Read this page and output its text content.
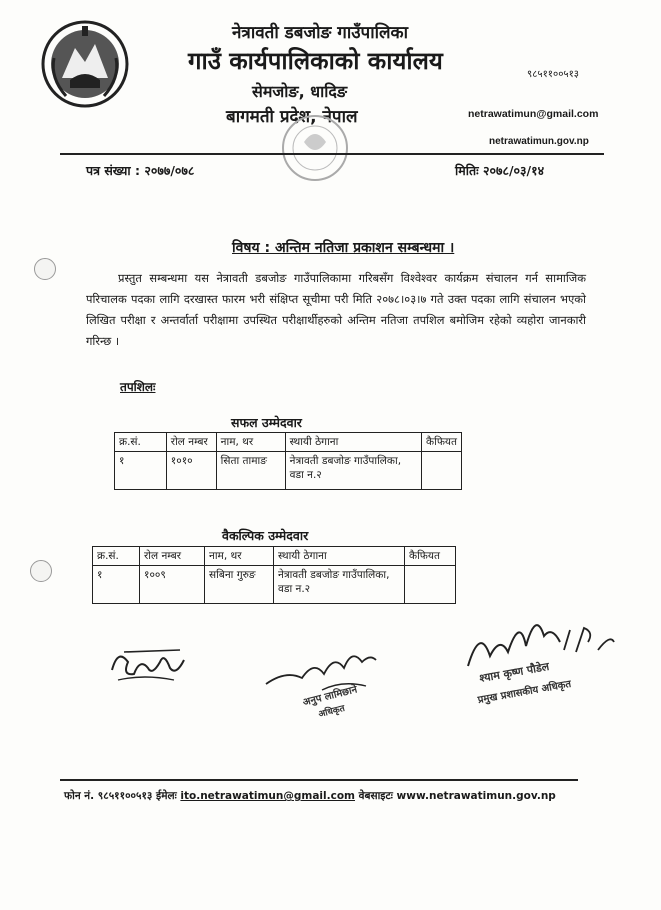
नेत्रावती डबजोङ गाउँपालिका
गाउँ कार्यपालिकाको कार्यालय
सेमजोङ, धादिङ
बागमती प्रदेश, नेपाल
९८५११००५१३
netrawatimun@gmail.com
netrawatimun.gov.np
पत्र संख्या : २०७७/०७८	मितिः २०७८/०३/१४
विषय : अन्तिम नतिजा प्रकाशन सम्बन्धमा ।
प्रस्तुत सम्बन्धमा यस नेत्रावती डबजोङ गाउँपालिकामा गरिबसँग विश्वेश्वर कार्यक्रम संचालन गर्न सामाजिक परिचालक पदका लागि दरखास्त फारम भरी संक्षिप्त सूचीमा परी मिति २०७८।०३।७ गते उक्त पदका लागि संचालन भएको लिखित परीक्षा र अन्तर्वार्ता परीक्षामा उपस्थित परीक्षार्थीहरुको अन्तिम नतिजा तपशिल बमोजिम रहेको व्यहोरा जानकारी गरिन्छ ।
तपशिलः
सफल उम्मेदवार
क्र.सं.	रोल नम्बर	नाम, थर	स्थायी ठेगाना	कैफियत
१	१०१०	सिता तामाङ	नेत्रावती डबजोङ गाउँपालिका, वडा न.२	
वैकल्पिक उम्मेदवार
क्र.सं.	रोल नम्बर	नाम, थर	स्थायी ठेगाना	कैफियत
१	१००९	सबिना गुरुङ	नेत्रावती डबजोङ गाउँपालिका, वडा न.२	
अनुप लामिछाने
अधिकृत
श्याम कृष्ण पौडेल
प्रमुख प्रशासकीय अधिकृत
फोन नं. ९८५११००५१३ ईमेलः ito.netrawatimun@gmail.com वेबसाइटः www.netrawatimun.gov.np
